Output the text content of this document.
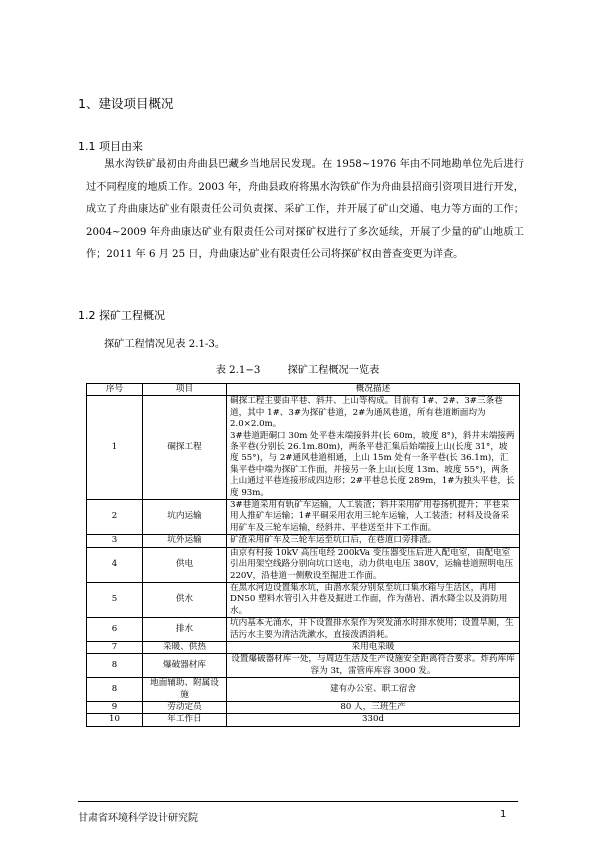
1、建设项目概况
1.1 项目由来
黑水沟铁矿最初由舟曲县巴藏乡当地居民发现。在 1958~1976 年由不同地勘单位先后进行过不同程度的地质工作。2003 年，舟曲县政府将黑水沟铁矿作为舟曲县招商引资项目进行开发，成立了舟曲康达矿业有限责任公司负责探、采矿工作，并开展了矿山交通、电力等方面的工作；2004~2009 年舟曲康达矿业有限责任公司对探矿权进行了多次延续，开展了少量的矿山地质工作；2011 年 6 月 25 日，舟曲康达矿业有限责任公司将探矿权由普查变更为详查。
1.2 探矿工程概况
探矿工程情况见表 2.1-3。
表 2.1−3	探矿工程概况一览表
序号	项目	概况描述
1	硐探工程	硐探工程主要由平巷、斜井、上山等构成。目前有 1#、2#、3#三条巷道，其中 1#、3#为探矿巷道，2#为通风巷道，所有巷道断面均为 2.0×2.0m。
3#巷道距硐口 30m 处平巷末端接斜井(长 60m，坡度 8°)，斜井末端接两条平巷(分别长 26.1m.80m)，两条平巷汇集后始端接上山(长度 31°，坡度 55°)，与 2#通风巷道相通，上山 15m 处有一条平巷(长 36.1m)，汇集平巷中端为探矿工作面，并接另一条上山(长度 13m、坡度 55°)，两条上山通过平巷连接形成四边形；2#平巷总长度 289m，1#为独头平巷，长度 93m。
2	坑内运输	3#巷道采用有轨矿车运输，人工装渣；斜井采用矿用卷扬机提升；平巷采用人推矿车运输；1#平硐采用农用三轮车运输，人工装渣；材料及设备采用矿车及三轮车运输，经斜井、平巷送至井下工作面。
3	坑外运输	矿渣采用矿车及三轮车运至坑口后，在巷道口旁排渣。
4	供电	由京有村接 10kV 高压电经 200kVa 变压器变压后进入配电室，由配电室引出用架空线路分别向坑口送电，动力供电电压 380V，运输巷道照明电压 220V，沿巷道一侧敷设至掘进工作面。
5	供水	在黑水河边设置集水坑，由潜水泵分别泵至坑口集水箱与生活区，再用 DN50 塑料水管引入井巷及掘进工作面，作为凿岩、洒水降尘以及消防用水。
6	排水	坑内基本无涌水，井下设置排水泵作为突发涌水时排水使用；设置旱厕，生活污水主要为清洁洗漱水，直接泼洒消耗。
7	采暖、供热	采用电采暖
8	爆破器材库	设置爆破器材库一处，与周边生活及生产设施安全距离符合要求。炸药库库容为 3t，雷管库库容 3000 发。
8	地面辅助、附属设施	建有办公室、职工宿舍
9	劳动定员	80 人，三班生产
10	年工作日	330d
甘肃省环境科学设计研究院	1
